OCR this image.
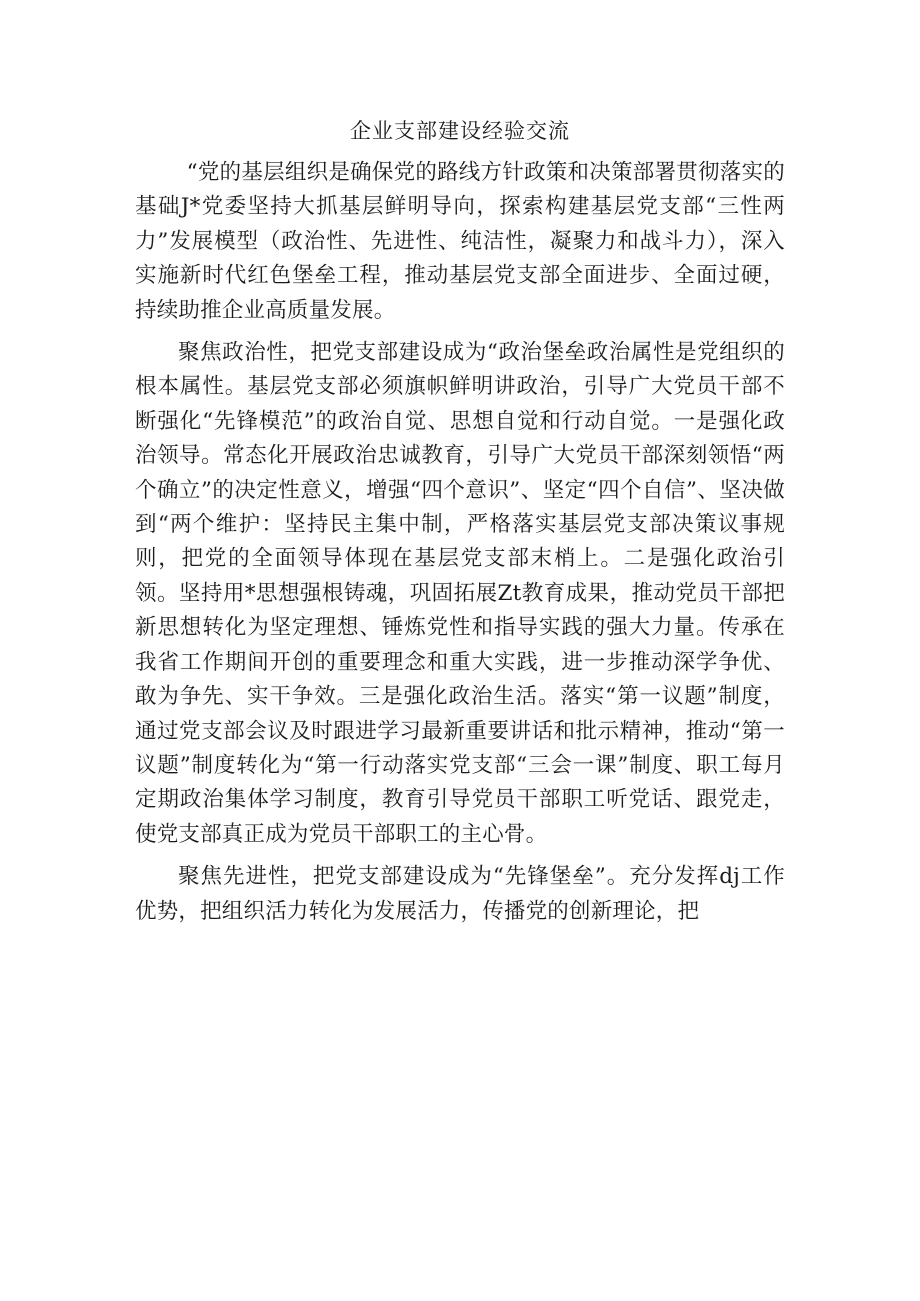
企业支部建设经验交流

“党的基层组织是确保党的路线方针政策和决策部署贯彻落实的基础J*党委坚持大抓基层鲜明导向，探索构建基层党支部“三性两力”发展模型（政治性、先进性、纯洁性，凝聚力和战斗力），深入实施新时代红色堡垒工程，推动基层党支部全面进步、全面过硬，持续助推企业高质量发展。

聚焦政治性，把党支部建设成为“政治堡垒政治属性是党组织的根本属性。基层党支部必须旗帜鲜明讲政治，引导广大党员干部不断强化“先锋模范”的政治自觉、思想自觉和行动自觉。一是强化政治领导。常态化开展政治忠诚教育，引导广大党员干部深刻领悟“两个确立”的决定性意义，增强“四个意识”、坚定“四个自信”、坚决做到“两个维护：坚持民主集中制，严格落实基层党支部决策议事规则，把党的全面领导体现在基层党支部末梢上。二是强化政治引领。坚持用*思想强根铸魂，巩固拓展Zt教育成果，推动党员干部把新思想转化为坚定理想、锤炼党性和指导实践的强大力量。传承在我省工作期间开创的重要理念和重大实践，进一步推动深学争优、敢为争先、实干争效。三是强化政治生活。落实“第一议题”制度，通过党支部会议及时跟进学习最新重要讲话和批示精神，推动“第一议题”制度转化为“第一行动落实党支部“三会一课”制度、职工每月定期政治集体学习制度，教育引导党员干部职工听党话、跟党走，使党支部真正成为党员干部职工的主心骨。

聚焦先进性，把党支部建设成为“先锋堡垒”。充分发挥dj工作优势，把组织活力转化为发展活力，传播党的创新理论，把
